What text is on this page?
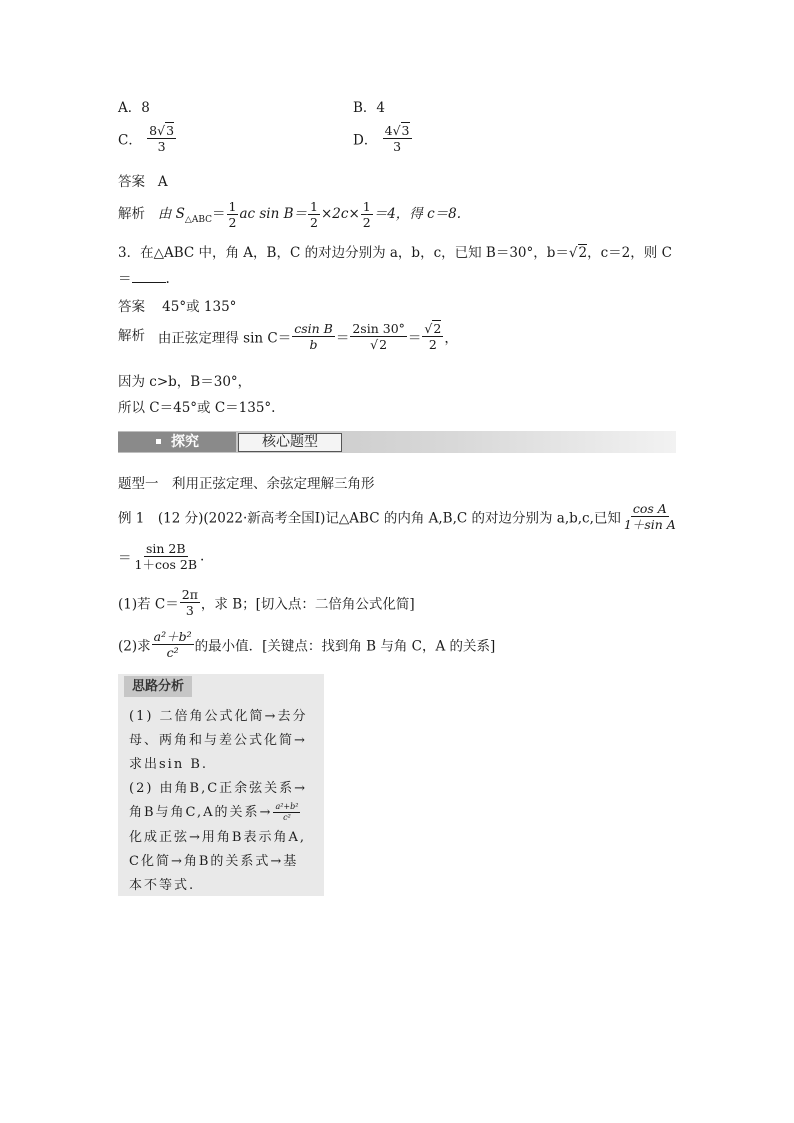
A．8	B．4
C． $\frac{8√3}{3}$	D． $\frac{4√3}{3}$
答案 A
解析 由 $S_{\triangle ABC}= \frac{1}{2}$ ac $\sin B= \frac{1}{2} \times 2c\times \frac{1}{2} =4$，得 c＝8.
3．在△ABC 中，角 A，B，C 的对边分别为 a，b，c，已知 B＝30°，b＝√2，c＝2，则 C
＝	.
答案 45°或 135°
解析 由正弦定理得 $\sin C= \frac{\text{csin B}}{b} = \frac{2\sin 30^\circ}{√2} = \frac{√2}{2}$ ，
因为 c>b，B＝30°，
所以 C＝45°或 C＝135°.
探究	核心题型
题型一　利用正弦定理、余弦定理解三角形
例 1　(12 分)(2022·新高考全国Ⅰ)记△ABC 的内角 A,B,C 的对边分别为 a,b,c,已知 $\frac{\text{cos A}}{\text{1＋sin A}}$
＝ $\frac{\sin 2B}{1+\cos 2B}$ .
(1)若 $C= \frac{2\pi}{3}$ ，求 B；[切入点：二倍角公式化简]
(2)求 $\frac{\text{a²＋b²}}{\text{c²}}$ 的最小值．[关键点：找到角 B 与角 C，A 的关系]
思路分析
(1) 二倍角公式化简→去分
母、两角和与差公式化简→
求出sin B.
(2) 由角B,C正余弦关系→
角B与角C,A的关系→ $\frac{\text{a²+b²}}{\text{c²}}$
化成正弦→用角B表示角A,
C化简→角B的关系式→基
本不等式.
